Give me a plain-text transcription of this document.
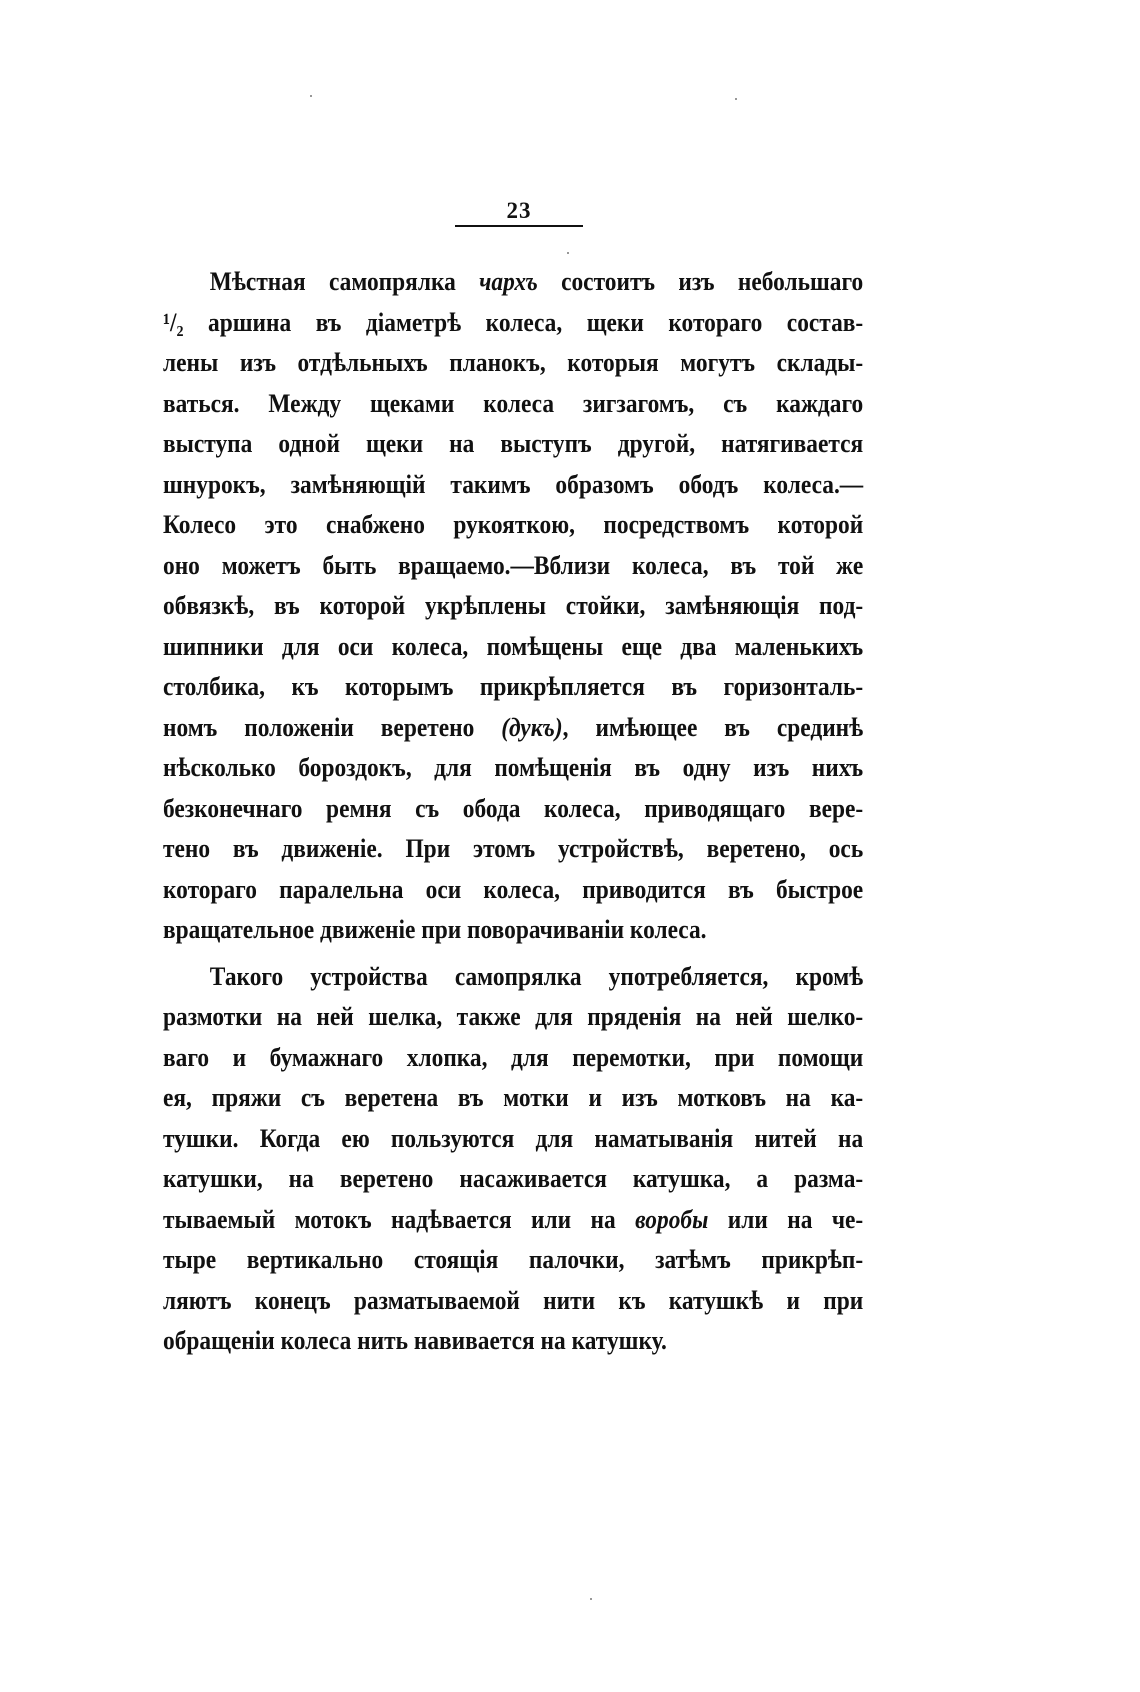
23
Мѣстная самопрялка чархъ состоитъ изъ небольшаго
¹/₂ аршина въ діаметрѣ колеса, щеки котораго состав-
лены изъ отдѣльныхъ планокъ, которыя могутъ склады-
ваться. Между щеками колеса зигзагомъ, съ каждаго
выступа одной щеки на выступъ другой, натягивается
шнурокъ, замѣняющій такимъ образомъ ободъ колеса.—
Колесо это снабжено рукояткою, посредствомъ которой
оно можетъ быть вращаемо.—Вблизи колеса, въ той же
обвязкѣ, въ которой укрѣплены стойки, замѣняющія под-
шипники для оси колеса, помѣщены еще два маленькихъ
столбика, къ которымъ прикрѣпляется въ горизонталь-
номъ положеніи веретено (дукъ), имѣющее въ срединѣ
нѣсколько бороздокъ, для помѣщенія въ одну изъ нихъ
безконечнаго ремня съ обода колеса, приводящаго вере-
тено въ движеніе. При этомъ устройствѣ, веретено, ось
котораго паралельна оси колеса, приводится въ быстрое
вращательное движеніе при поворачиваніи колеса.
Такого устройства самопрялка употребляется, кромѣ
размотки на ней шелка, также для пряденія на ней шелко-
ваго и бумажнаго хлопка, для перемотки, при помощи
ея, пряжи съ веретена въ мотки и изъ мотковъ на ка-
тушки. Когда ею пользуются для наматыванія нитей на
катушки, на веретено насаживается катушка, а разма-
тываемый мотокъ надѣвается или на воробы или на че-
тыре вертикально стоящія палочки, затѣмъ прикрѣп-
ляютъ конецъ разматываемой нити къ катушкѣ и при
обращеніи колеса нить навивается на катушку.
